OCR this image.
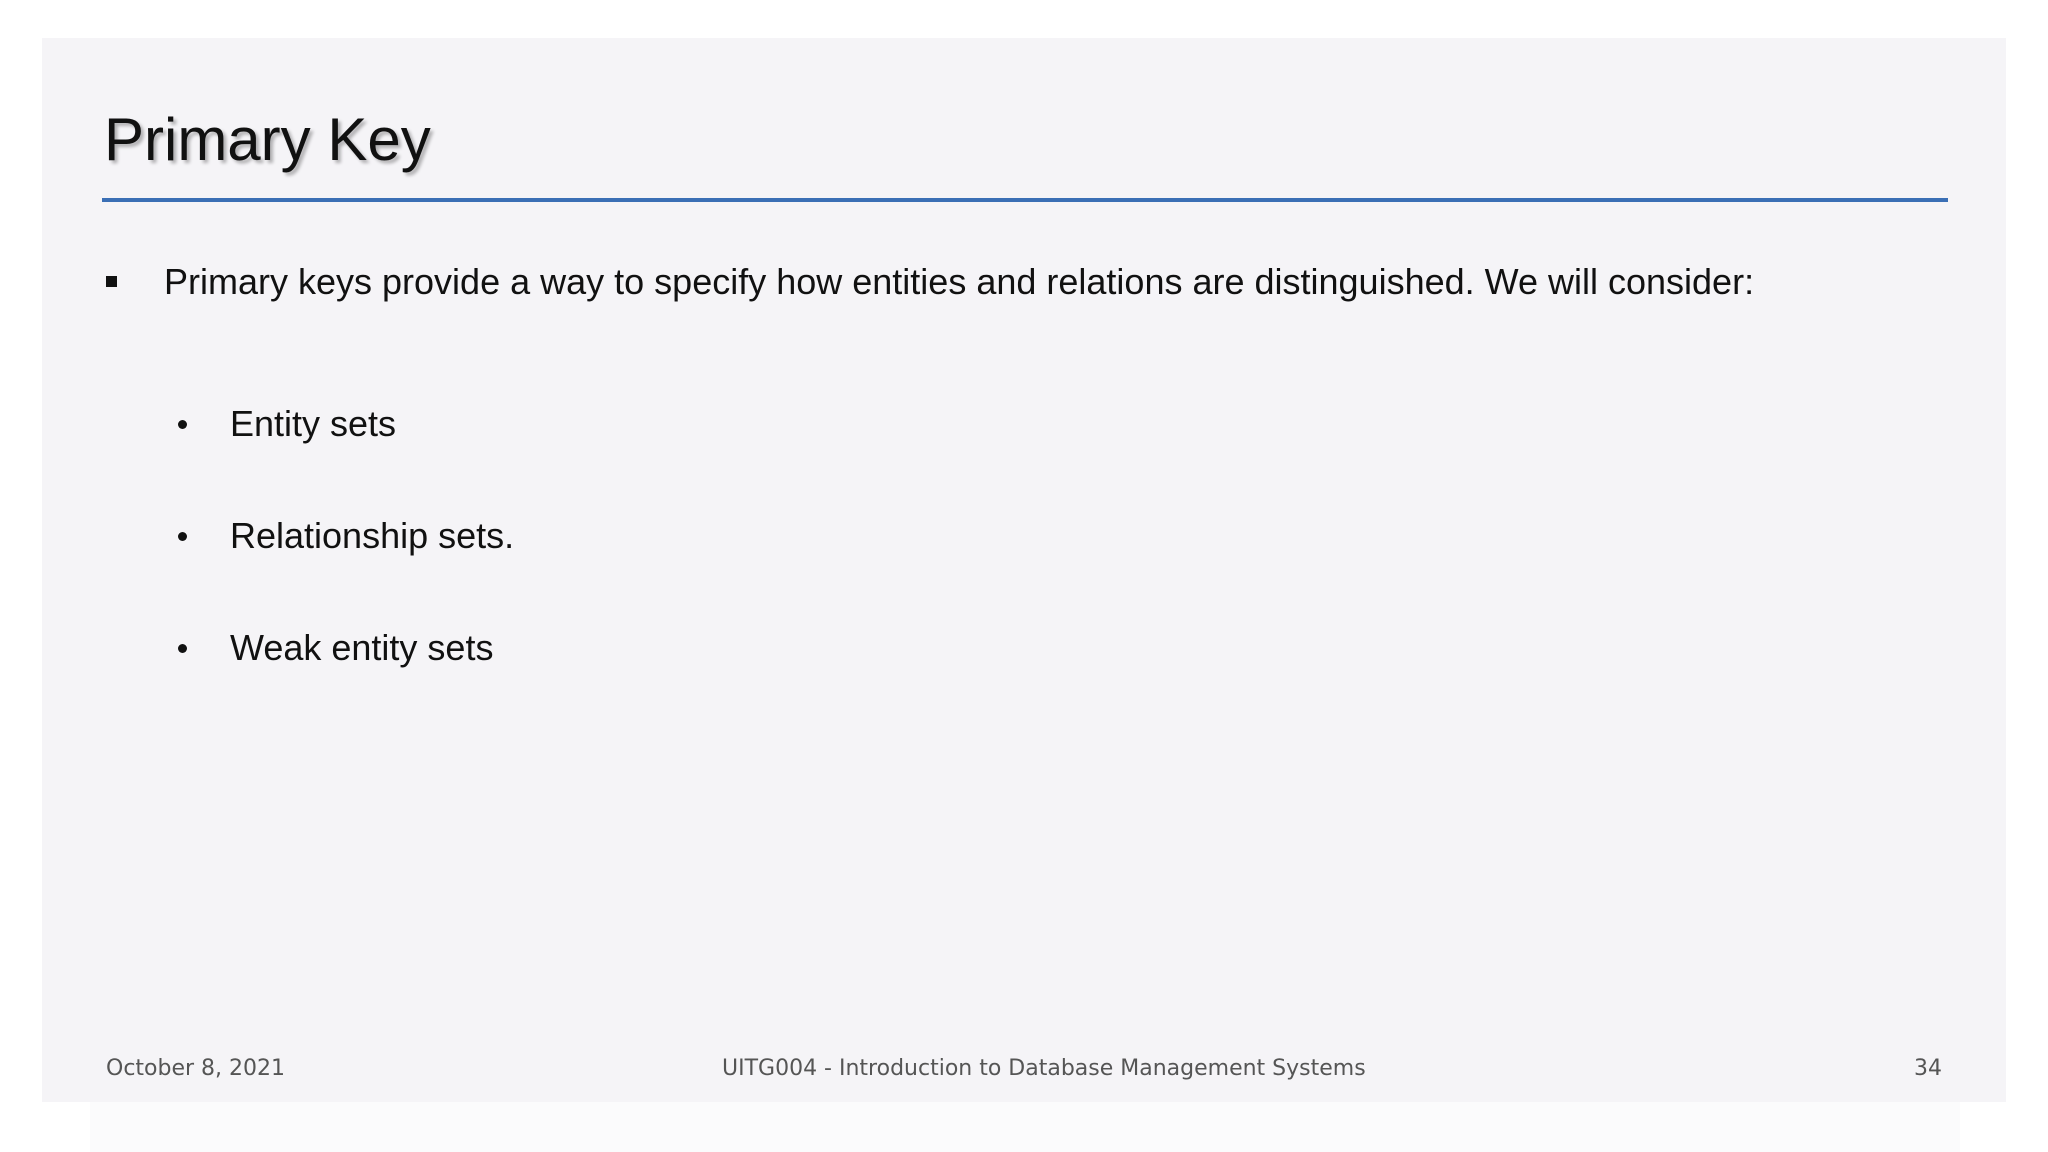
Primary Key
Primary keys provide a way to specify how entities and relations are distinguished. We will consider:
Entity sets
Relationship sets.
Weak entity sets
October 8, 2021	UITG004 - Introduction to Database Management Systems	34
